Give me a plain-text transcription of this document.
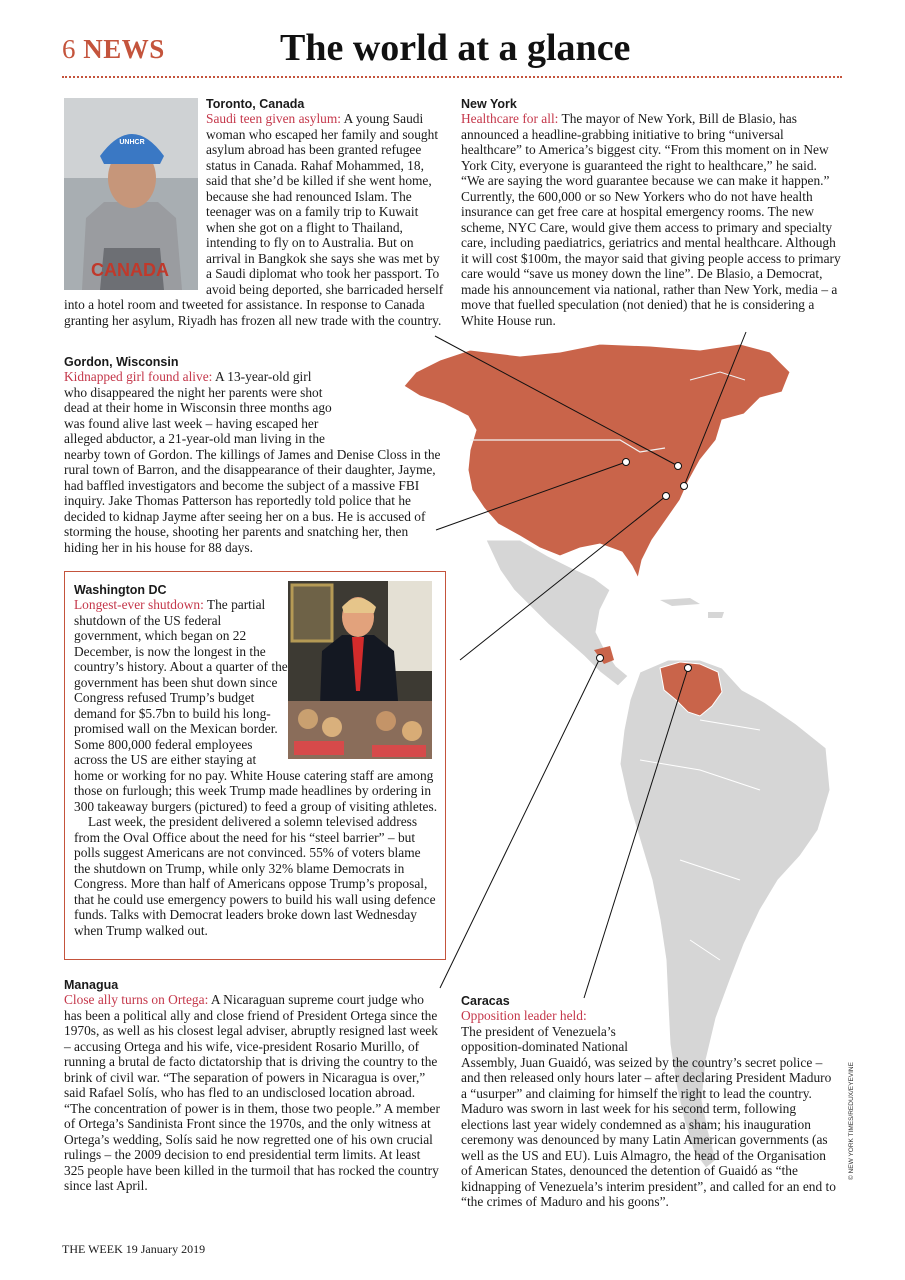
6 NEWS	The world at a glance
UNHCR
CANADA
Toronto, Canada

Saudi teen given asylum: A young Saudi woman who escaped her family and sought asylum abroad has been granted refugee status in Canada. Rahaf Mohammed, 18, said that she’d be killed if she went home, because she had renounced Islam. The teenager was on a family trip to Kuwait when she got on a flight to Thailand, intending to fly on to Australia. But on arrival in Bangkok she says she was met by a Saudi diplomat who took her passport. To avoid being deported, she barricaded herself into a hotel room and tweeted for assistance. In response to Canada granting her asylum, Riyadh has frozen all new trade with the country.

New York

Healthcare for all: The mayor of New York, Bill de Blasio, has announced a headline-grabbing initiative to bring “universal healthcare” to America’s biggest city. “From this moment on in New York City, everyone is guaranteed the right to healthcare,” he said. “We are saying the word guarantee because we can make it happen.” Currently, the 600,000 or so New Yorkers who do not have health insurance can get free care at hospital emergency rooms. The new scheme, NYC Care, would give them access to primary and specialty care, including paediatrics, geriatrics and mental healthcare. Although it will cost $100m, the mayor said that giving people access to primary care would “save us money down the line”. De Blasio, a Democrat, made his announcement via national, rather than New York, media – a move that fuelled speculation (not denied) that he is considering a White House run.

Gordon, Wisconsin

Kidnapped girl found alive: A 13-year-old girl who disappeared the night her parents were shot dead at their home in Wisconsin three months ago was found alive last week – having escaped her alleged abductor, a 21-year-old man living in the nearby town of Gordon. The killings of James and Denise Closs in the rural town of Barron, and the disappearance of their daughter, Jayme, had baffled investigators and become the subject of a massive FBI inquiry. Jake Thomas Patterson has reportedly told police that he decided to kidnap Jayme after seeing her on a bus. He is accused of storming the house, shooting her parents and snatching her, then hiding her in his house for 88 days.

Washington DC

Longest-ever shutdown: The partial shutdown of the US federal government, which began on 22 December, is now the longest in the country’s history. About a quarter of the government has been shut down since Congress refused Trump’s budget demand for $5.7bn to build his long-promised wall on the Mexican border. Some 800,000 federal employees across the US are either staying at home or working for no pay. White House catering staff are among those on furlough; this week Trump made headlines by ordering in 300 takeaway burgers (pictured) to feed a group of visiting athletes.

Last week, the president delivered a solemn televised address from the Oval Office about the need for his “steel barrier” – but polls suggest Americans are not convinced. 55% of voters blame the shutdown on Trump, while only 32% blame Democrats in Congress. More than half of Americans oppose Trump’s proposal, that he could use emergency powers to build his wall using defence funds. Talks with Democrat leaders broke down last Wednesday when Trump walked out.

Managua

Close ally turns on Ortega: A Nicaraguan supreme court judge who has been a political ally and close friend of President Ortega since the 1970s, as well as his closest legal adviser, abruptly resigned last week – accusing Ortega and his wife, vice-president Rosario Murillo, of running a brutal de facto dictatorship that is driving the country to the brink of civil war. “The separation of powers in Nicaragua is over,” said Rafael Solís, who has fled to an undisclosed location abroad. “The concentration of power is in them, those two people.” A member of Ortega’s Sandinista Front since the 1970s, and the only witness at Ortega’s wedding, Solís said he now regretted one of his own crucial rulings – the 2009 decision to end presidential term limits. At least 325 people have been killed in the turmoil that has rocked the country since last April.

Caracas
Opposition leader held:

The president of Venezuela’s opposition-dominated National Assembly, Juan Guaidó, was seized by the country’s secret police – and then released only hours later – after declaring President Maduro a “usurper” and claiming for himself the right to lead the country. Maduro was sworn in last week for his second term, following elections last year widely condemned as a sham; his inauguration ceremony was denounced by many Latin American governments (as well as the US and EU). Luis Almagro, the head of the Organisation of American States, denounced the detention of Guaidó as “the kidnapping of Venezuela’s interim president”, and called for an end to “the crimes of Maduro and his goons”.

© NEW YORK TIMES/REDUX/EYEVINE
THE WEEK 19 January 2019
